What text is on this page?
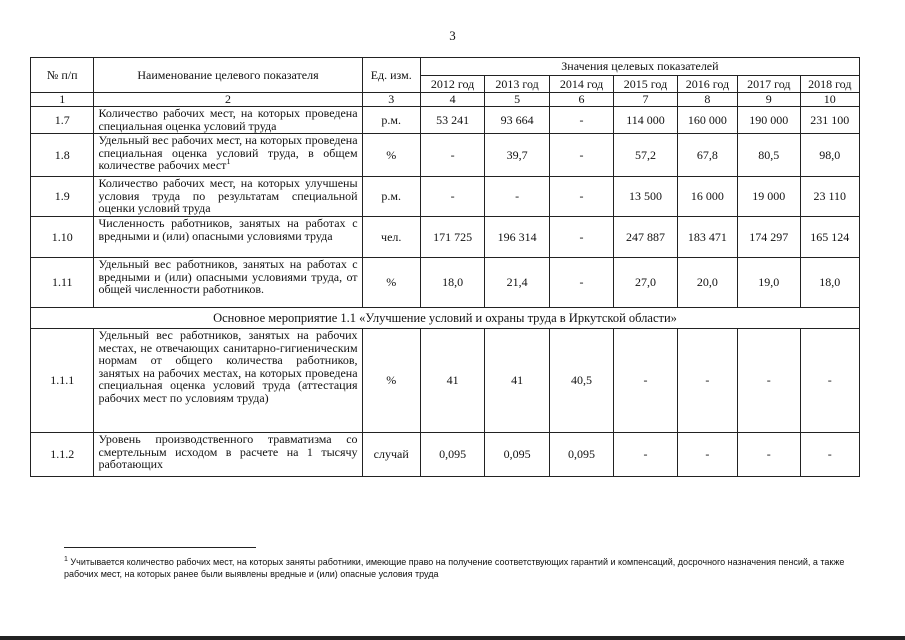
3
№ п/п	Наименование целевого показателя	Ед. изм.	Значения целевых показателей						
			2012 год	2013 год	2014 год	2015 год	2016 год	2017 год	2018 год
1	2	3	4	5	6	7	8	9	10
1.7	Количество рабочих мест, на которых проведена специальная оценка условий труда	р.м.	53 241	93 664	-	114 000	160 000	190 000	231 100
1.8	Удельный вес рабочих мест, на которых проведена специальная оценка условий труда, в общем количестве рабочих мест$^1$	%	-	39,7	-	57,2	67,8	80,5	98,0
1.9	Количество рабочих мест, на которых улучшены условия труда по результатам специальной оценки условий труда	р.м.	-	-	-	13 500	16 000	19 000	23 110
1.10	Численность работников, занятых на работах с вредными и (или) опасными условиями труда	чел.	171 725	196 314	-	247 887	183 471	174 297	165 124
1.11	Удельный вес работников, занятых на работах с вредными и (или) опасными условиями труда, от общей численности работников.	%	18,0	21,4	-	27,0	20,0	19,0	18,0
Основное мероприятие 1.1 «Улучшение условий и охраны труда в Иркутской области»									
1.1.1	Удельный вес работников, занятых на рабочих местах, не отвечающих санитарно-гигиеническим нормам от общего количества работников, занятых на рабочих местах, на которых проведена специальная оценка условий труда (аттестация рабочих мест по условиям труда)	%	41	41	40,5	-	-	-	-
1.1.2	Уровень производственного травматизма со смертельным исходом в расчете на 1 тысячу работающих	случай	0,095	0,095	0,095	-	-	-	-
$^1$ Учитывается количество рабочих мест, на которых заняты работники, имеющие право на получение соответствующих гарантий и компенсаций, досрочного назначения пенсий, а также рабочих мест, на которых ранее были выявлены вредные и (или) опасные условия труда
